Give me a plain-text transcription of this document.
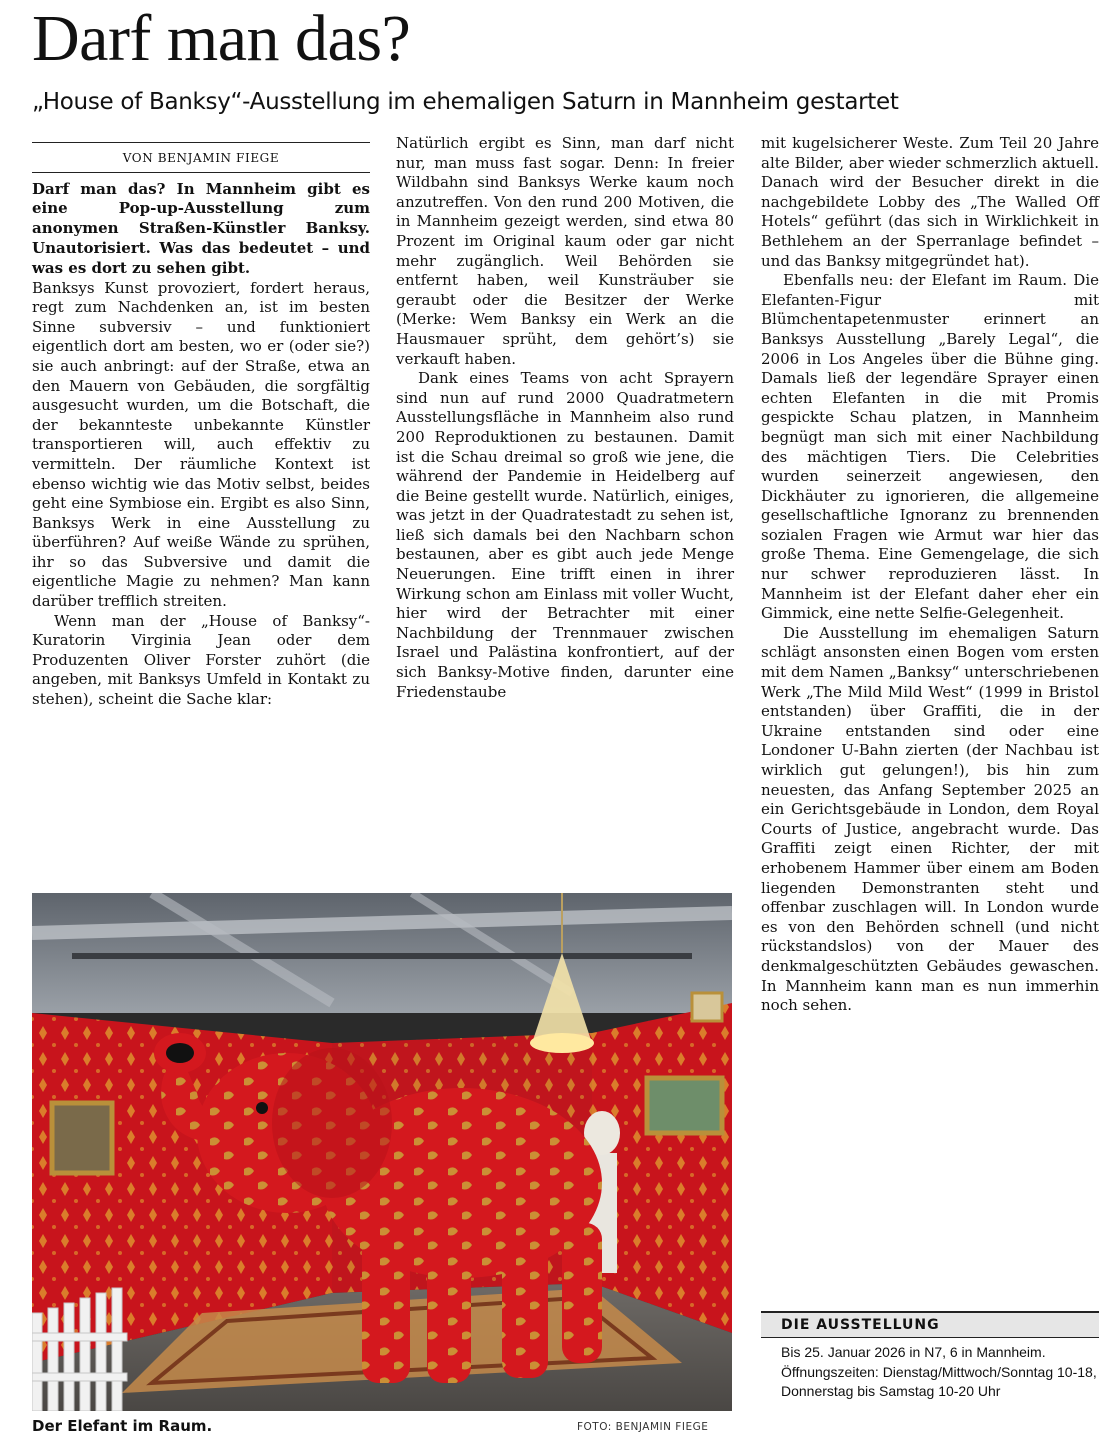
Darf man das?
„House of Banksy“-Ausstellung im ehemaligen Saturn in Mannheim gestartet
VON BENJAMIN FIEGE

Darf man das? In Mannheim gibt es eine Pop-up-Ausstellung zum anonymen Straßen-Künstler Banksy. Unautorisiert. Was das bedeutet – und was es dort zu sehen gibt.

Banksys Kunst provoziert, fordert heraus, regt zum Nachdenken an, ist im besten Sinne subversiv – und funktioniert eigentlich dort am besten, wo er (oder sie?) sie auch anbringt: auf der Straße, etwa an den Mauern von Gebäuden, die sorgfältig ausgesucht wurden, um die Botschaft, die der bekannteste unbekannte Künstler transportieren will, auch effektiv zu vermitteln. Der räumliche Kontext ist ebenso wichtig wie das Motiv selbst, beides geht eine Symbiose ein. Ergibt es also Sinn, Banksys Werk in eine Ausstellung zu überführen? Auf weiße Wände zu sprühen, ihr so das Subversive und damit die eigentliche Magie zu nehmen? Man kann darüber trefflich streiten.

Wenn man der „House of Banksy“-Kuratorin Virginia Jean oder dem Produzenten Oliver Forster zuhört (die angeben, mit Banksys Umfeld in Kontakt zu stehen), scheint die Sache klar:

Natürlich ergibt es Sinn, man darf nicht nur, man muss fast sogar. Denn: In freier Wildbahn sind Banksys Werke kaum noch anzutreffen. Von den rund 200 Motiven, die in Mannheim gezeigt werden, sind etwa 80 Prozent im Original kaum oder gar nicht mehr zugänglich. Weil Behörden sie entfernt haben, weil Kunsträuber sie geraubt oder die Besitzer der Werke (Merke: Wem Banksy ein Werk an die Hausmauer sprüht, dem gehört’s) sie verkauft haben.

Dank eines Teams von acht Sprayern sind nun auf rund 2000 Quadratmetern Ausstellungsfläche in Mannheim also rund 200 Reproduktionen zu bestaunen. Damit ist die Schau dreimal so groß wie jene, die während der Pandemie in Heidelberg auf die Beine gestellt wurde. Natürlich, einiges, was jetzt in der Quadratestadt zu sehen ist, ließ sich damals bei den Nachbarn schon bestaunen, aber es gibt auch jede Menge Neuerungen. Eine trifft einen in ihrer Wirkung schon am Einlass mit voller Wucht, hier wird der Betrachter mit einer Nachbildung der Trennmauer zwischen Israel und Palästina konfrontiert, auf der sich Banksy-Motive finden, darunter eine Friedenstaube

mit kugelsicherer Weste. Zum Teil 20 Jahre alte Bilder, aber wieder schmerzlich aktuell. Danach wird der Besucher direkt in die nachgebildete Lobby des „The Walled Off Hotels“ geführt (das sich in Wirklichkeit in Bethlehem an der Sperranlage befindet – und das Banksy mitgegründet hat).

Ebenfalls neu: der Elefant im Raum. Die Elefanten-Figur mit Blümchentapetenmuster erinnert an Banksys Ausstellung „Barely Legal“, die 2006 in Los Angeles über die Bühne ging. Damals ließ der legendäre Sprayer einen echten Elefanten in die mit Promis gespickte Schau platzen, in Mannheim begnügt man sich mit einer Nachbildung des mächtigen Tiers. Die Celebrities wurden seinerzeit angewiesen, den Dickhäuter zu ignorieren, die allgemeine gesellschaftliche Ignoranz zu brennenden sozialen Fragen wie Armut war hier das große Thema. Eine Gemengelage, die sich nur schwer reproduzieren lässt. In Mannheim ist der Elefant daher eher ein Gimmick, eine nette Selfie-Gelegenheit.

Die Ausstellung im ehemaligen Saturn schlägt ansonsten einen Bogen vom ersten mit dem Namen „Banksy“ unterschriebenen Werk „The Mild Mild West“ (1999 in Bristol entstanden) über Graffiti, die in der Ukraine entstanden sind oder eine Londoner U-Bahn zierten (der Nachbau ist wirklich gut gelungen!), bis hin zum neuesten, das Anfang September 2025 an ein Gerichtsgebäude in London, dem Royal Courts of Justice, angebracht wurde. Das Graffiti zeigt einen Richter, der mit erhobenem Hammer über einem am Boden liegenden Demonstranten steht und offenbar zuschlagen will. In London wurde es von den Behörden schnell (und nicht rückstandslos) von der Mauer des denkmalgeschützten Gebäudes gewaschen. In Mannheim kann man es nun immerhin noch sehen.

Der Elefant im Raum.	FOTO: BENJAMIN FIEGE
DIE AUSSTELLUNG
Bis 25. Januar 2026 in N7, 6 in Mannheim. Öffnungszeiten: Dienstag/Mittwoch/Sonntag 10-18, Donnerstag bis Samstag 10-20 Uhr
